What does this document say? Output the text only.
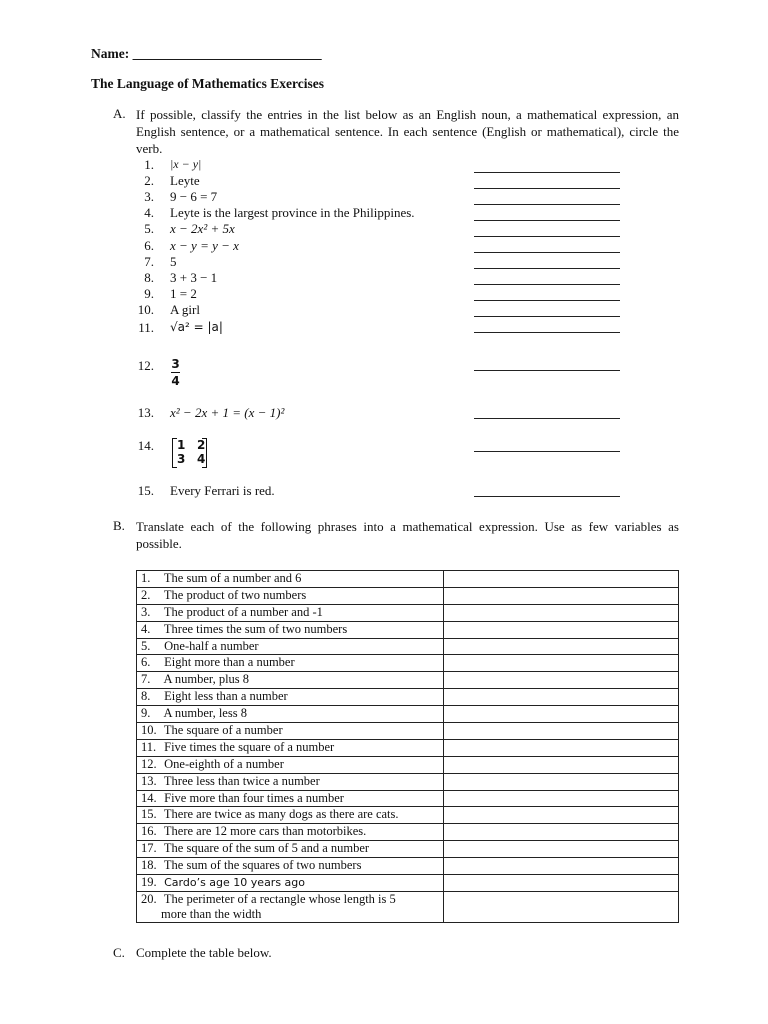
Name: ____________________________
The Language of Mathematics Exercises
A. If possible, classify the entries in the list below as an English noun, a mathematical expression, an English sentence, or a mathematical sentence. In each sentence (English or mathematical), circle the verb.
1. |x − y|
2. Leyte
3. 9 − 6 = 7
4. Leyte is the largest province in the Philippines.
5. x − 2x² + 5x
6. x − y = y − x
7. 5
8. 3 + 3 − 1
9. 1 = 2
10. A girl
11. √a² = |a|
12. $\frac{3}{4}$
13. x² − 2x + 1 = (x − 1)²
14. 1 2
3 4
15. Every Ferrari is red.
B. Translate each of the following phrases into a mathematical expression. Use as few variables as possible.
1. The sum of a number and 6	
2. The product of two numbers	
3. The product of a number and -1	
4. Three times the sum of two numbers	
5. One-half a number	
6. Eight more than a number	
7. A number, plus 8	
8. Eight less than a number	
9. A number, less 8	
10. The square of a number	
11. Five times the square of a number	
12. One-eighth of a number	
13. Three less than twice a number	
14. Five more than four times a number	
15. There are twice as many dogs as there are cats.	
16. There are 12 more cars than motorbikes.	
17. The square of the sum of 5 and a number	
18. The sum of the squares of two numbers	
19. Cardo’s age 10 years ago	
20. The perimeter of a rectangle whose length is 5
more than the width	
C. Complete the table below.
